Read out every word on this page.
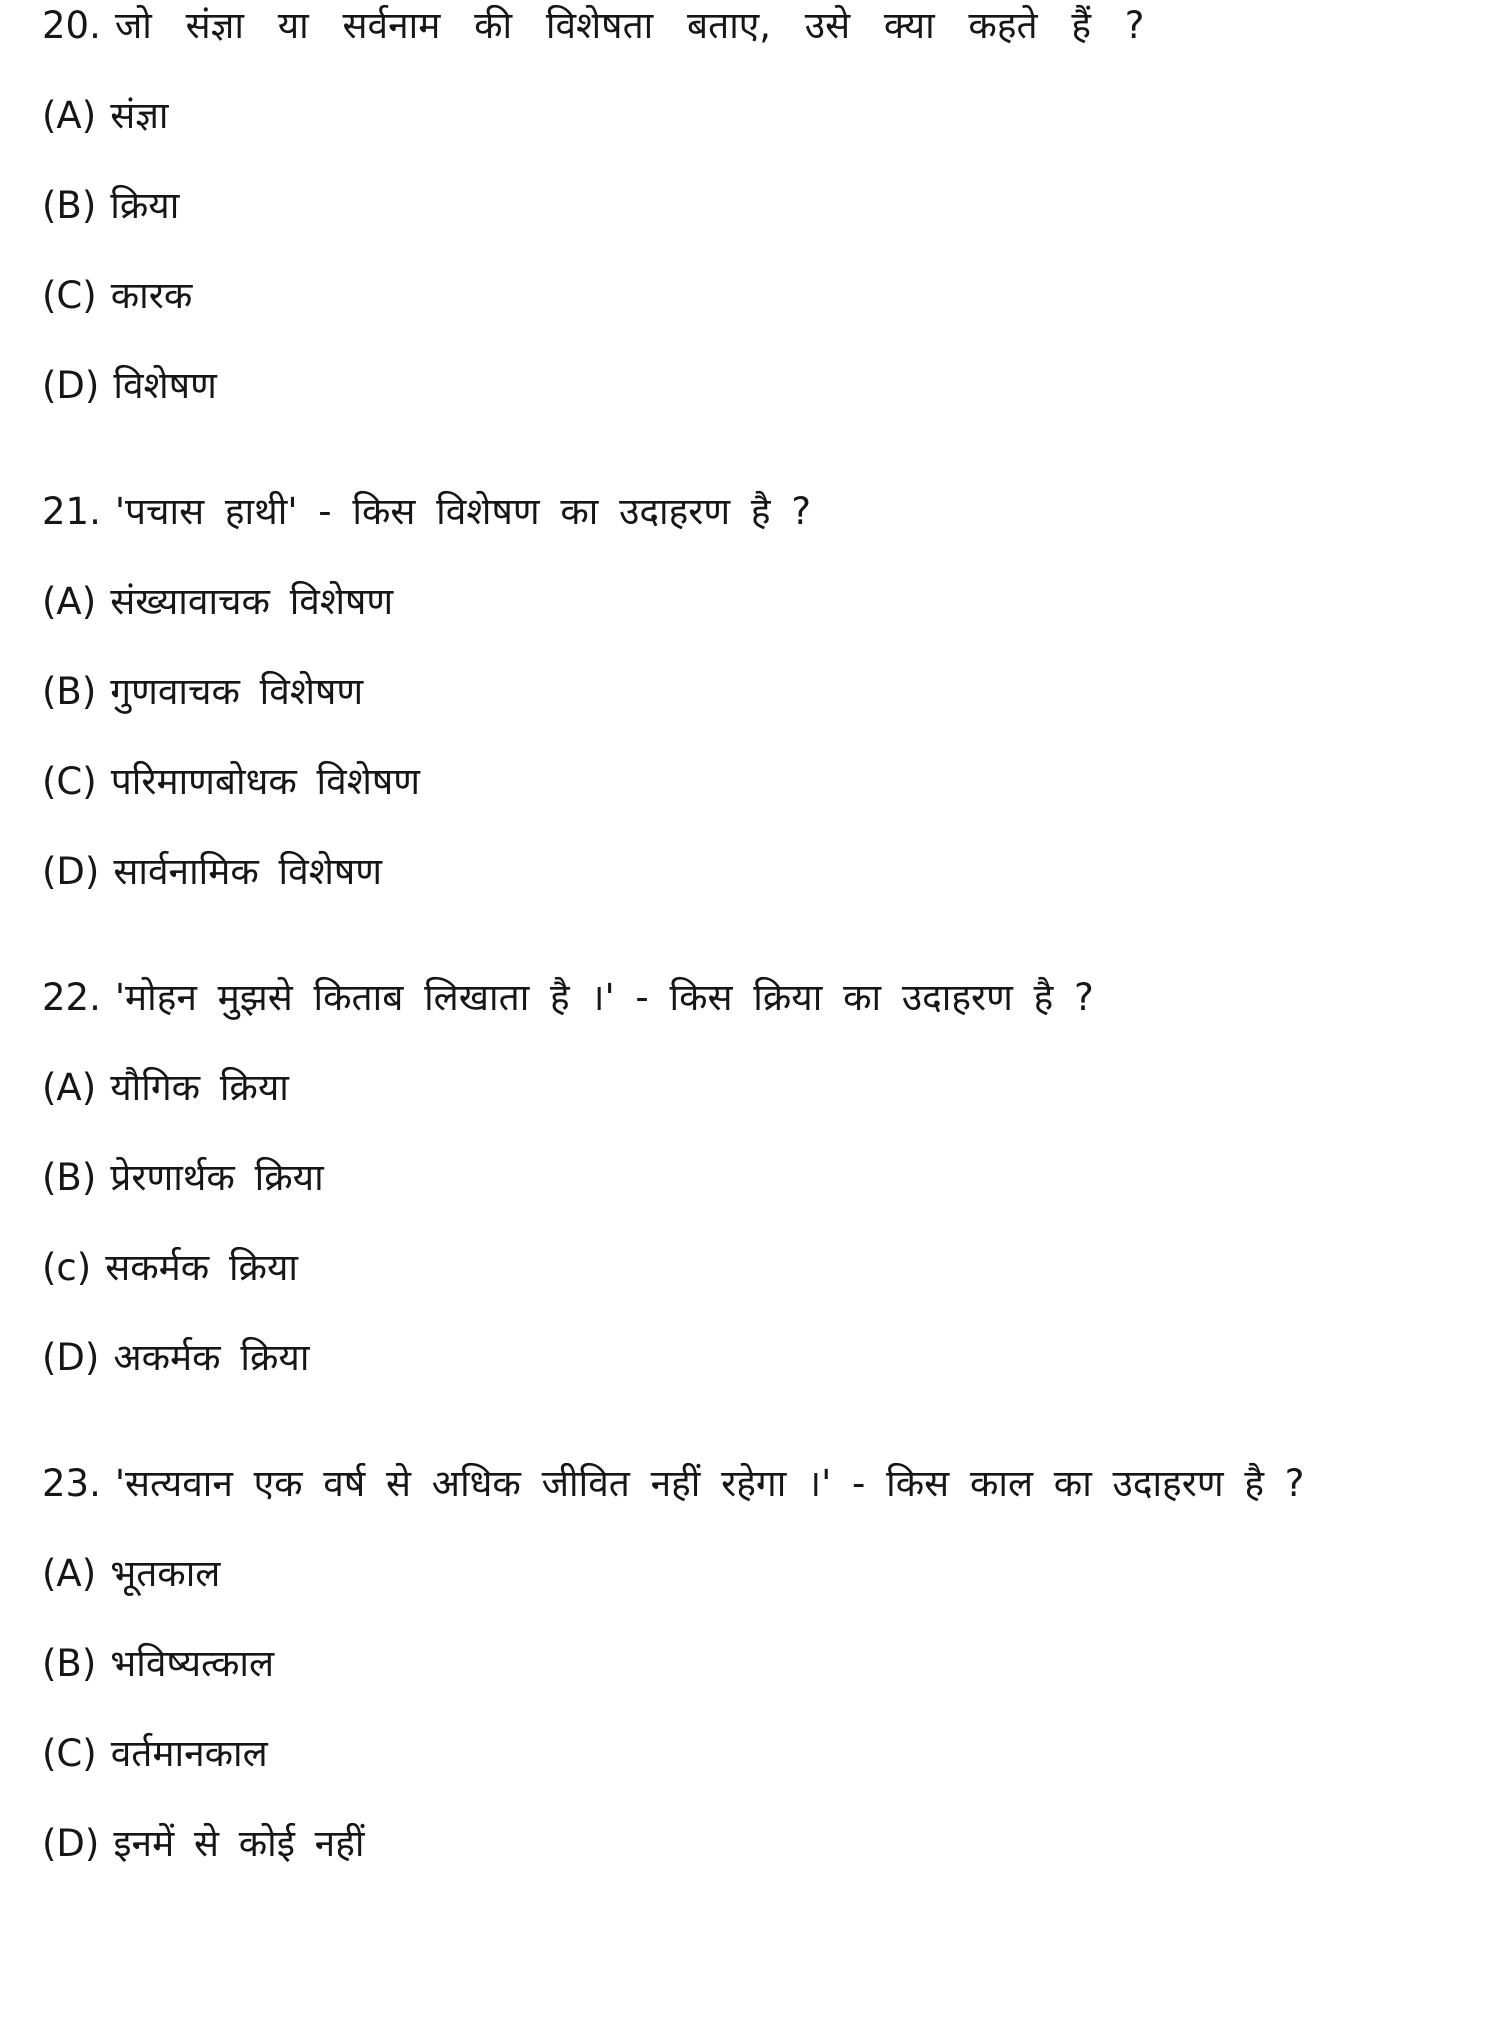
20. जो संज्ञा या सर्वनाम की विशेषता बताए, उसे क्या कहते हैं ?

(A) संज्ञा

(B) क्रिया

(C) कारक

(D) विशेषण

21. 'पचास हाथी' - किस विशेषण का उदाहरण है ?

(A) संख्यावाचक विशेषण

(B) गुणवाचक विशेषण

(C) परिमाणबोधक विशेषण

(D) सार्वनामिक विशेषण

22. 'मोहन मुझसे किताब लिखाता है ।' - किस क्रिया का उदाहरण है ?

(A) यौगिक क्रिया

(B) प्रेरणार्थक क्रिया

(c) सकर्मक क्रिया

(D) अकर्मक क्रिया

23. 'सत्यवान एक वर्ष से अधिक जीवित नहीं रहेगा ।' - किस काल का उदाहरण है ?

(A) भूतकाल

(B) भविष्यत्काल

(C) वर्तमानकाल

(D) इनमें से कोई नहीं
